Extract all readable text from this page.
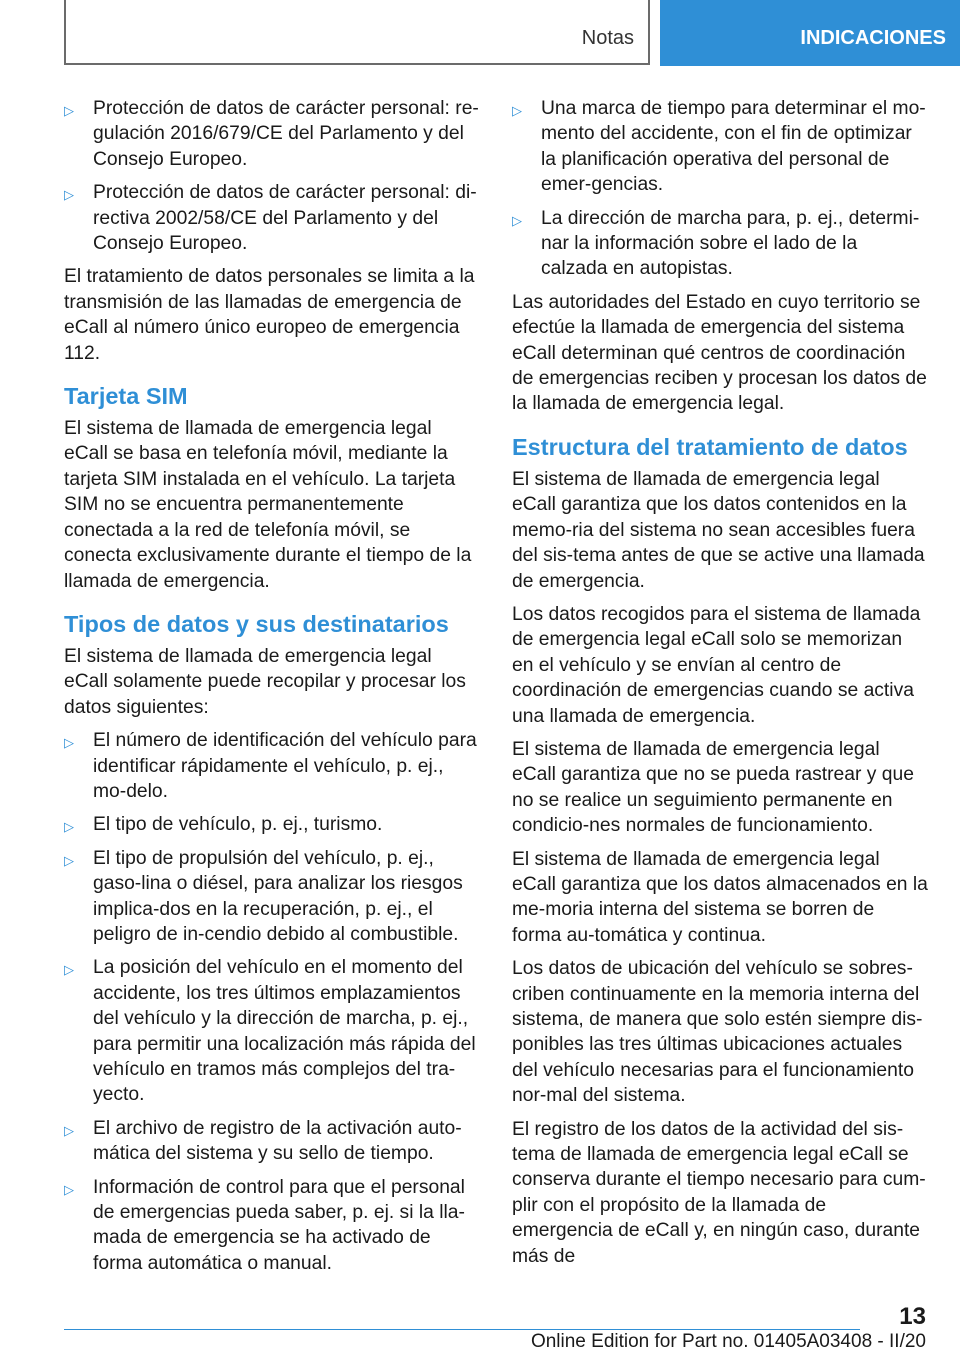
Notas	INDICACIONES
▷ Protección de datos de carácter personal: re-gulación 2016/679/CE del Parlamento y del Consejo Europeo.
▷ Protección de datos de carácter personal: di-rectiva 2002/58/CE del Parlamento y del Consejo Europeo.

El tratamiento de datos personales se limita a la transmisión de las llamadas de emergencia de eCall al número único europeo de emergencia 112.

Tarjeta SIM

El sistema de llamada de emergencia legal eCall se basa en telefonía móvil, mediante la tarjeta SIM instalada en el vehículo. La tarjeta SIM no se encuentra permanentemente conectada a la red de telefonía móvil, se conecta exclusivamente durante el tiempo de la llamada de emergencia.

Tipos de datos y sus destinatarios

El sistema de llamada de emergencia legal eCall solamente puede recopilar y procesar los datos siguientes:

▷ El número de identificación del vehículo para identificar rápidamente el vehículo, p. ej., mo-delo.
▷ El tipo de vehículo, p. ej., turismo.
▷ El tipo de propulsión del vehículo, p. ej., gaso-lina o diésel, para analizar los riesgos implica-dos en la recuperación, p. ej., el peligro de in-cendio debido al combustible.
▷ La posición del vehículo en el momento del accidente, los tres últimos emplazamientos del vehículo y la dirección de marcha, p. ej., para permitir una localización más rápida del vehículo en tramos más complejos del tra-yecto.
▷ El archivo de registro de la activación auto-mática del sistema y su sello de tiempo.
▷ Información de control para que el personal de emergencias pueda saber, p. ej. si la lla-mada de emergencia se ha activado de forma automática o manual.
▷ Una marca de tiempo para determinar el mo-mento del accidente, con el fin de optimizar la planificación operativa del personal de emer-gencias.
▷ La dirección de marcha para, p. ej., determi-nar la información sobre el lado de la calzada en autopistas.

Las autoridades del Estado en cuyo territorio se efectúe la llamada de emergencia del sistema eCall determinan qué centros de coordinación de emergencias reciben y procesan los datos de la llamada de emergencia legal.

Estructura del tratamiento de datos

El sistema de llamada de emergencia legal eCall garantiza que los datos contenidos en la memo-ria del sistema no sean accesibles fuera del sis-tema antes de que se active una llamada de emergencia.

Los datos recogidos para el sistema de llamada de emergencia legal eCall solo se memorizan en el vehículo y se envían al centro de coordinación de emergencias cuando se activa una llamada de emergencia.

El sistema de llamada de emergencia legal eCall garantiza que no se pueda rastrear y que no se realice un seguimiento permanente en condicio-nes normales de funcionamiento.

El sistema de llamada de emergencia legal eCall garantiza que los datos almacenados en la me-moria interna del sistema se borren de forma au-tomática y continua.

Los datos de ubicación del vehículo se sobres-criben continuamente en la memoria interna del sistema, de manera que solo estén siempre dis-ponibles las tres últimas ubicaciones actuales del vehículo necesarias para el funcionamiento nor-mal del sistema.

El registro de los datos de la actividad del sis-tema de llamada de emergencia legal eCall se conserva durante el tiempo necesario para cum-plir con el propósito de la llamada de emergencia de eCall y, en ningún caso, durante más de

13
Online Edition for Part no. 01405A03408 - II/20
